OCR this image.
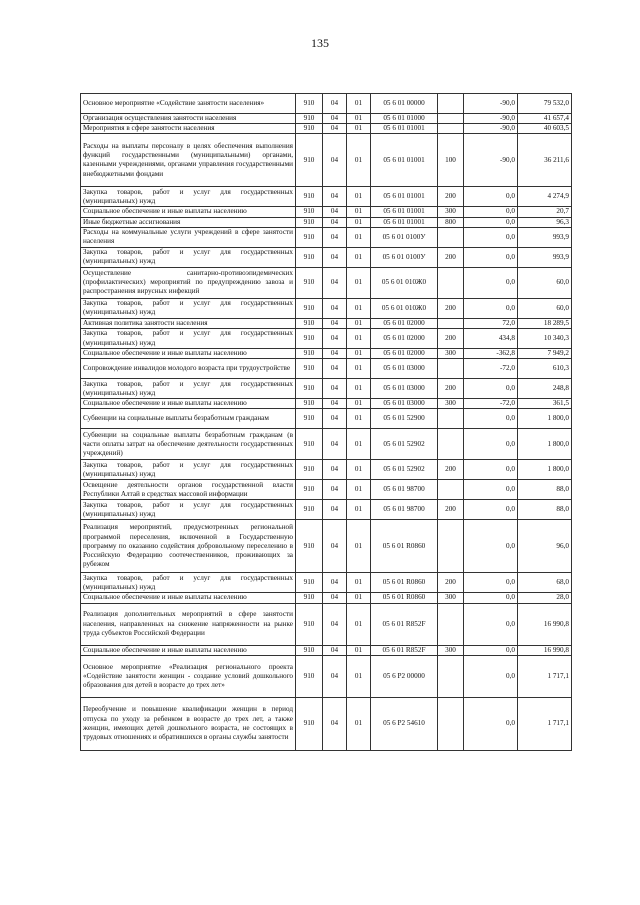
135
Основное мероприятие «Содействие занятости населения»	910	04	01	05 6 01 00000		-90,0	79 532,0
Организация осуществления занятости населения	910	04	01	05 6 01 01000		-90,0	41 657,4
Мероприятия в сфере занятости населения	910	04	01	05 6 01 01001		-90,0	40 603,5
Расходы на выплаты персоналу в целях обеспечения выполнения функций государственными (муниципальными) органами, казенными учреждениями, органами управления государственными внебюджетными фондами	910	04	01	05 6 01 01001	100	-90,0	36 211,6
Закупка товаров, работ и услуг для государственных (муниципальных) нужд	910	04	01	05 6 01 01001	200	0,0	4 274,9
Социальное обеспечение и иные выплаты населению	910	04	01	05 6 01 01001	300	0,0	20,7
Иные бюджетные ассигнования	910	04	01	05 6 01 01001	800	0,0	96,3
Расходы на коммунальные услуги учреждений в сфере занятости населения	910	04	01	05 6 01 0100У		0,0	993,9
Закупка товаров, работ и услуг для государственных (муниципальных) нужд	910	04	01	05 6 01 0100У	200	0,0	993,9
Осуществление санитарно-противоэпидемических (профилактических) мероприятий по предупреждению завоза и распространения вирусных инфекций	910	04	01	05 6 01 010Ж0		0,0	60,0
Закупка товаров, работ и услуг для государственных (муниципальных) нужд	910	04	01	05 6 01 010Ж0	200	0,0	60,0
Активная политика занятости населения	910	04	01	05 6 01 02000		72,0	18 289,5
Закупка товаров, работ и услуг для государственных (муниципальных) нужд	910	04	01	05 6 01 02000	200	434,8	10 340,3
Социальное обеспечение и иные выплаты населению	910	04	01	05 6 01 02000	300	-362,8	7 949,2
Сопровождение инвалидов молодого возраста при трудоустройстве	910	04	01	05 6 01 03000		-72,0	610,3
Закупка товаров, работ и услуг для государственных (муниципальных) нужд	910	04	01	05 6 01 03000	200	0,0	248,8
Социальное обеспечение и иные выплаты населению	910	04	01	05 6 01 03000	300	-72,0	361,5
Субвенции на социальные выплаты безработным гражданам	910	04	01	05 6 01 52900		0,0	1 800,0
Субвенции на социальные выплаты безработным гражданам (в части оплаты затрат на обеспечение деятельности государственных учреждений)	910	04	01	05 6 01 52902		0,0	1 800,0
Закупка товаров, работ и услуг для государственных (муниципальных) нужд	910	04	01	05 6 01 52902	200	0,0	1 800,0
Освещение деятельности органов государственной власти Республики Алтай в средствах массовой информации	910	04	01	05 6 01 98700		0,0	88,0
Закупка товаров, работ и услуг для государственных (муниципальных) нужд	910	04	01	05 6 01 98700	200	0,0	88,0
Реализация мероприятий, предусмотренных региональной программой переселения, включенной в Государственную программу по оказанию содействия добровольному переселению в Российскую Федерацию соотечественников, проживающих за рубежом	910	04	01	05 6 01 R0860		0,0	96,0
Закупка товаров, работ и услуг для государственных (муниципальных) нужд	910	04	01	05 6 01 R0860	200	0,0	68,0
Социальное обеспечение и иные выплаты населению	910	04	01	05 6 01 R0860	300	0,0	28,0
Реализация дополнительных мероприятий в сфере занятости населения, направленных на снижение напряженности на рынке труда субъектов Российской Федерации	910	04	01	05 6 01 R852F		0,0	16 990,8
Социальное обеспечение и иные выплаты населению	910	04	01	05 6 01 R852F	300	0,0	16 990,8
Основное мероприятие «Реализация регионального проекта «Содействие занятости женщин - создание условий дошкольного образования для детей в возрасте до трех лет»	910	04	01	05 6 P2 00000		0,0	1 717,1
Переобучение и повышение квалификации женщин в период отпуска по уходу за ребенком в возрасте до трех лет, а также женщин, имеющих детей дошкольного возраста, не состоящих в трудовых отношениях и обратившихся в органы службы занятости	910	04	01	05 6 P2 54610		0,0	1 717,1
